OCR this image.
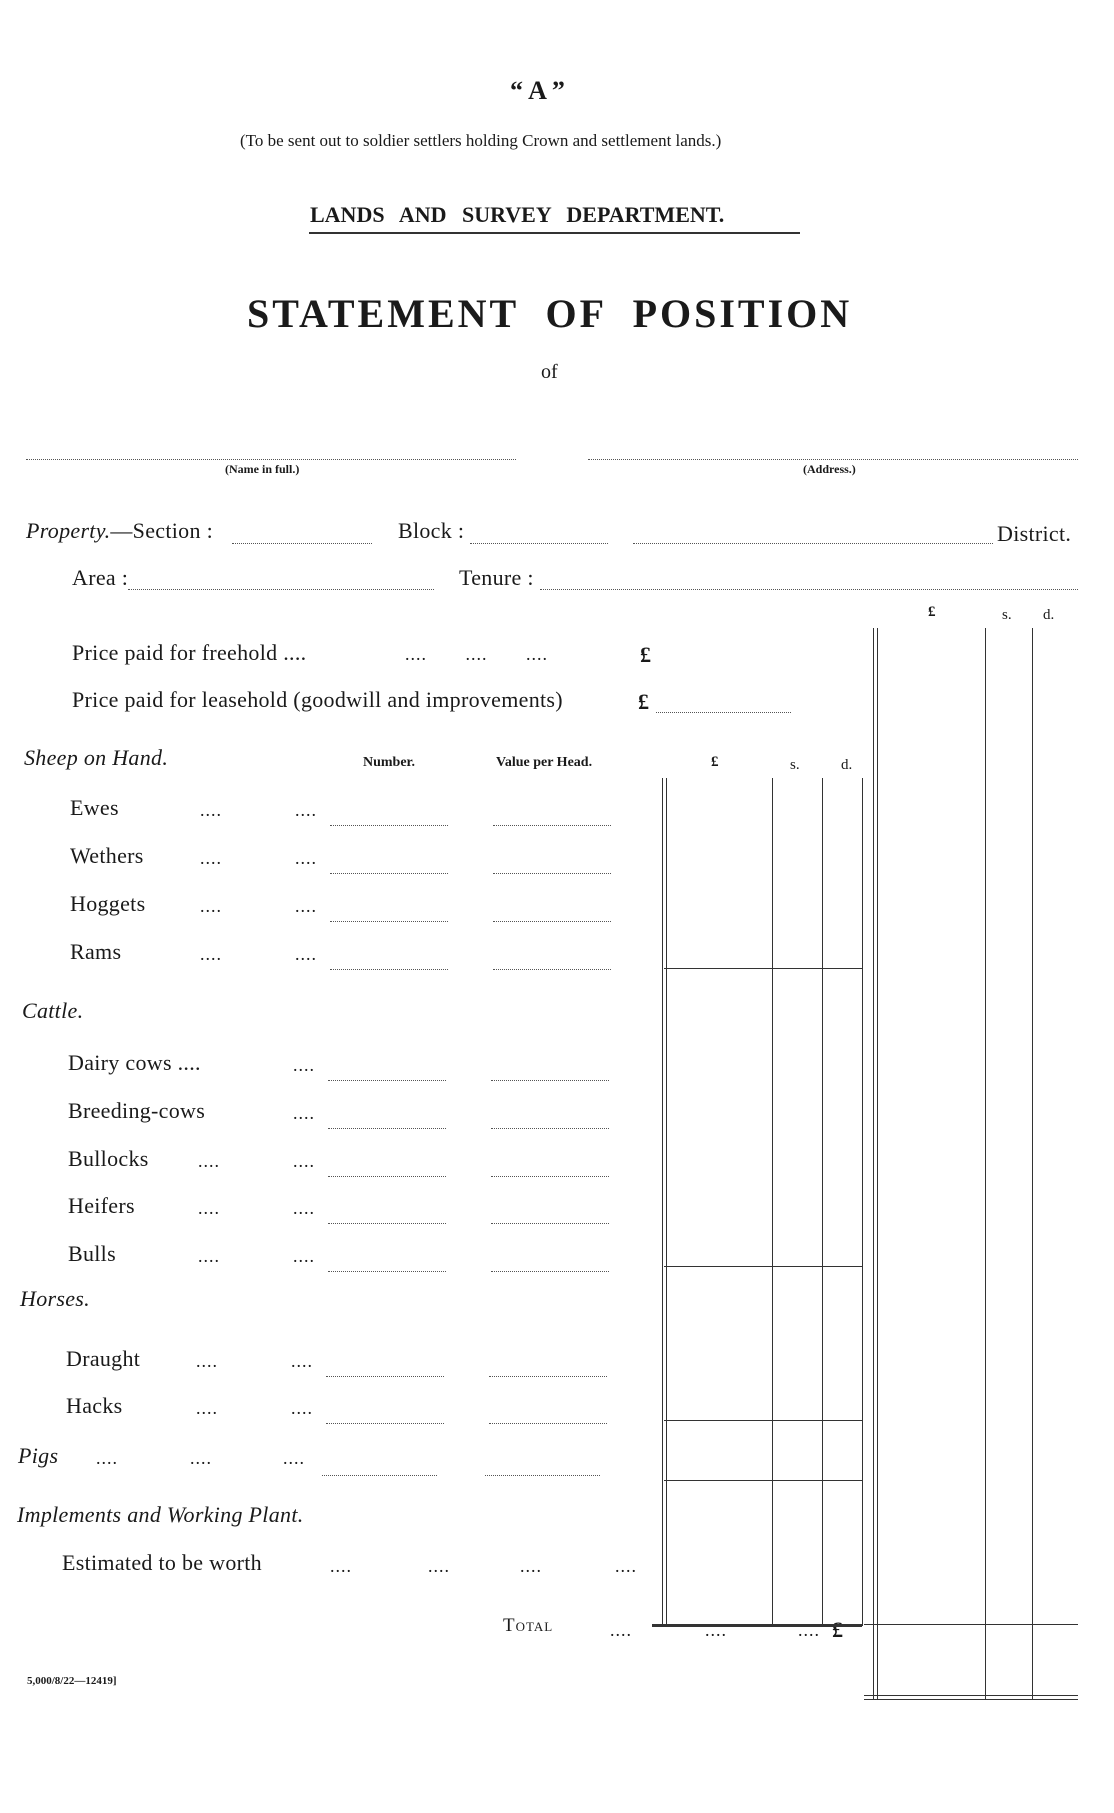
“ A ”
(To be sent out to soldier settlers holding Crown and settlement lands.)
LANDS AND SURVEY DEPARTMENT.
STATEMENT OF POSITION
of
(Name in full.)	(Address.)
Property.—Section :	Block :	District.
Area :	Tenure :
£	s. d.
Price paid for freehold ....	....       ....       ....	£
Price paid for leasehold (goodwill and improvements)	£
Sheep on Hand.	Number.	Value per Head.	£	s.	d.
Ewes	....	....
Wethers	....	....
Hoggets	....	....
Rams	....	....
Dairy cows ....	....
Breeding-cows	....
Bullocks	....	....
Heifers	....	....
Bulls	....	....
Draught	....	....
Hacks	....	....
Cattle.
Horses.
Pigs ....	....	....
Implements and Working Plant.
Estimated to be worth	....	....	....	....
Total	....	....	.... £
5,000/8/22—12419]
